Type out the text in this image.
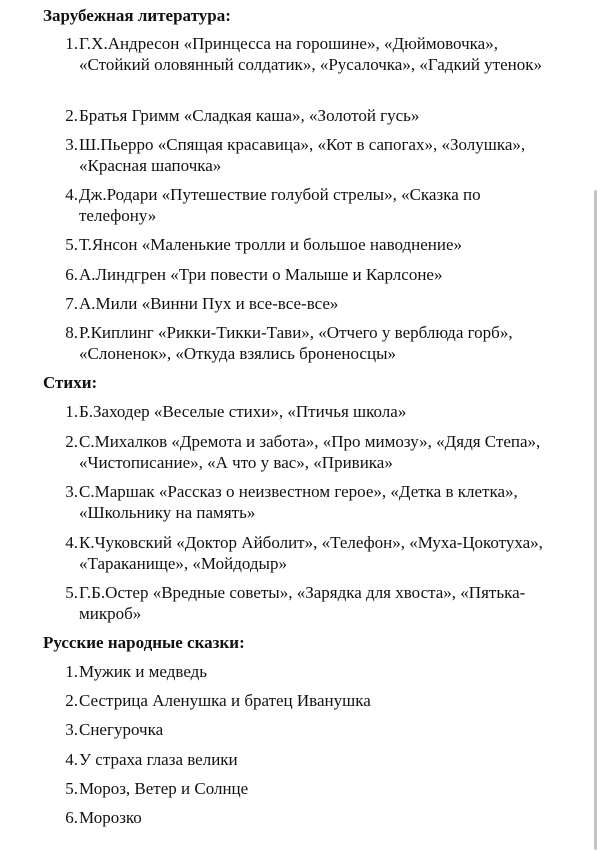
Зарубежная литература:
1. Г.Х.Андресон «Принцесса на горошине», «Дюймовочка», «Стойкий оловянный солдатик», «Русалочка», «Гадкий утенок»
2. Братья Гримм «Сладкая каша», «Золотой гусь»
3. Ш.Пьерро «Спящая красавица», «Кот в сапогах», «Золушка», «Красная шапочка»
4. Дж.Родари «Путешествие голубой стрелы», «Сказка по телефону»
5. Т.Янсон «Маленькие тролли и большое наводнение»
6. А.Линдгрен «Три повести о Малыше и Карлсоне»
7. А.Мили «Винни Пух и все-все-все»
8. Р.Киплинг «Рикки-Тикки-Тави», «Отчего у верблюда горб», «Слоненок», «Откуда взялись броненосцы»
Стихи:
1. Б.Заходер «Веселые стихи», «Птичья школа»
2. С.Михалков «Дремота и забота», «Про мимозу», «Дядя Степа», «Чистописание», «А что у вас», «Привика»
3. С.Маршак «Рассказ о неизвестном герое», «Детка в клетка», «Школьнику на память»
4. К.Чуковский «Доктор Айболит», «Телефон», «Муха-Цокотуха», «Тараканище», «Мойдодыр»
5. Г.Б.Остер «Вредные советы», «Зарядка для хвоста», «Пятька-микроб»
Русские народные сказки:
1. Мужик и медведь
2. Сестрица Аленушка и братец Иванушка
3. Снегурочка
4. У страха глаза велики
5. Мороз, Ветер и Солнце
6. Морозко
